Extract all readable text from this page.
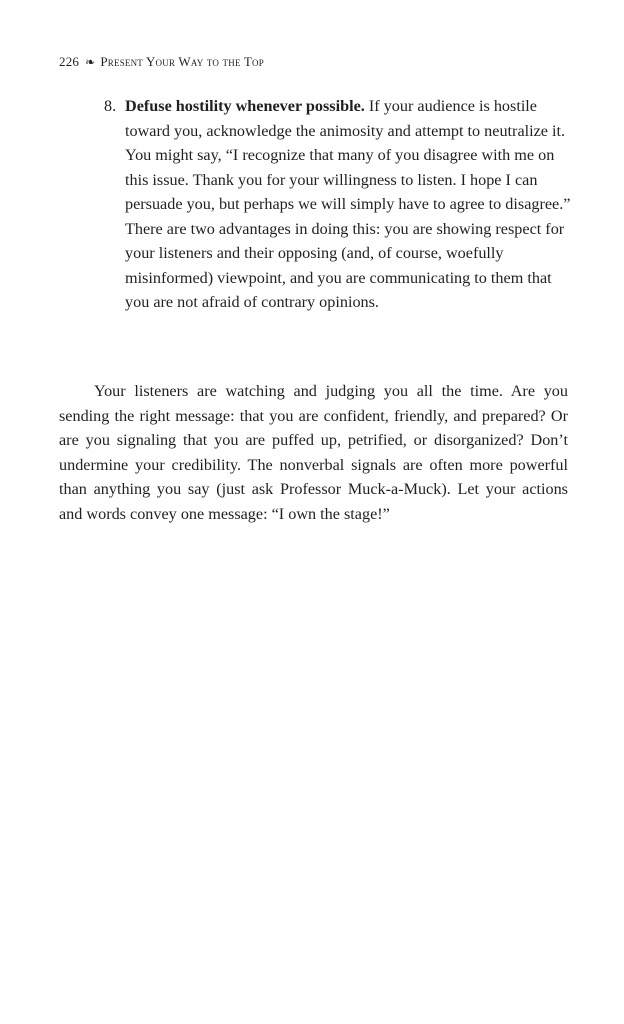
226 ❧ Present Your Way to the Top
8. Defuse hostility whenever possible. If your audience is hostile toward you, acknowledge the animosity and attempt to neutralize it. You might say, “I recognize that many of you disagree with me on this issue. Thank you for your willingness to listen. I hope I can persuade you, but perhaps we will simply have to agree to disagree.” There are two advantages in doing this: you are showing respect for your listeners and their opposing (and, of course, woefully misinformed) viewpoint, and you are communicating to them that you are not afraid of contrary opinions.

Your listeners are watching and judging you all the time. Are you sending the right message: that you are confident, friendly, and prepared? Or are you signaling that you are puffed up, petrified, or disorganized? Don’t undermine your credibility. The nonverbal signals are often more powerful than anything you say (just ask Professor Muck-a-Muck). Let your actions and words convey one message: “I own the stage!”
